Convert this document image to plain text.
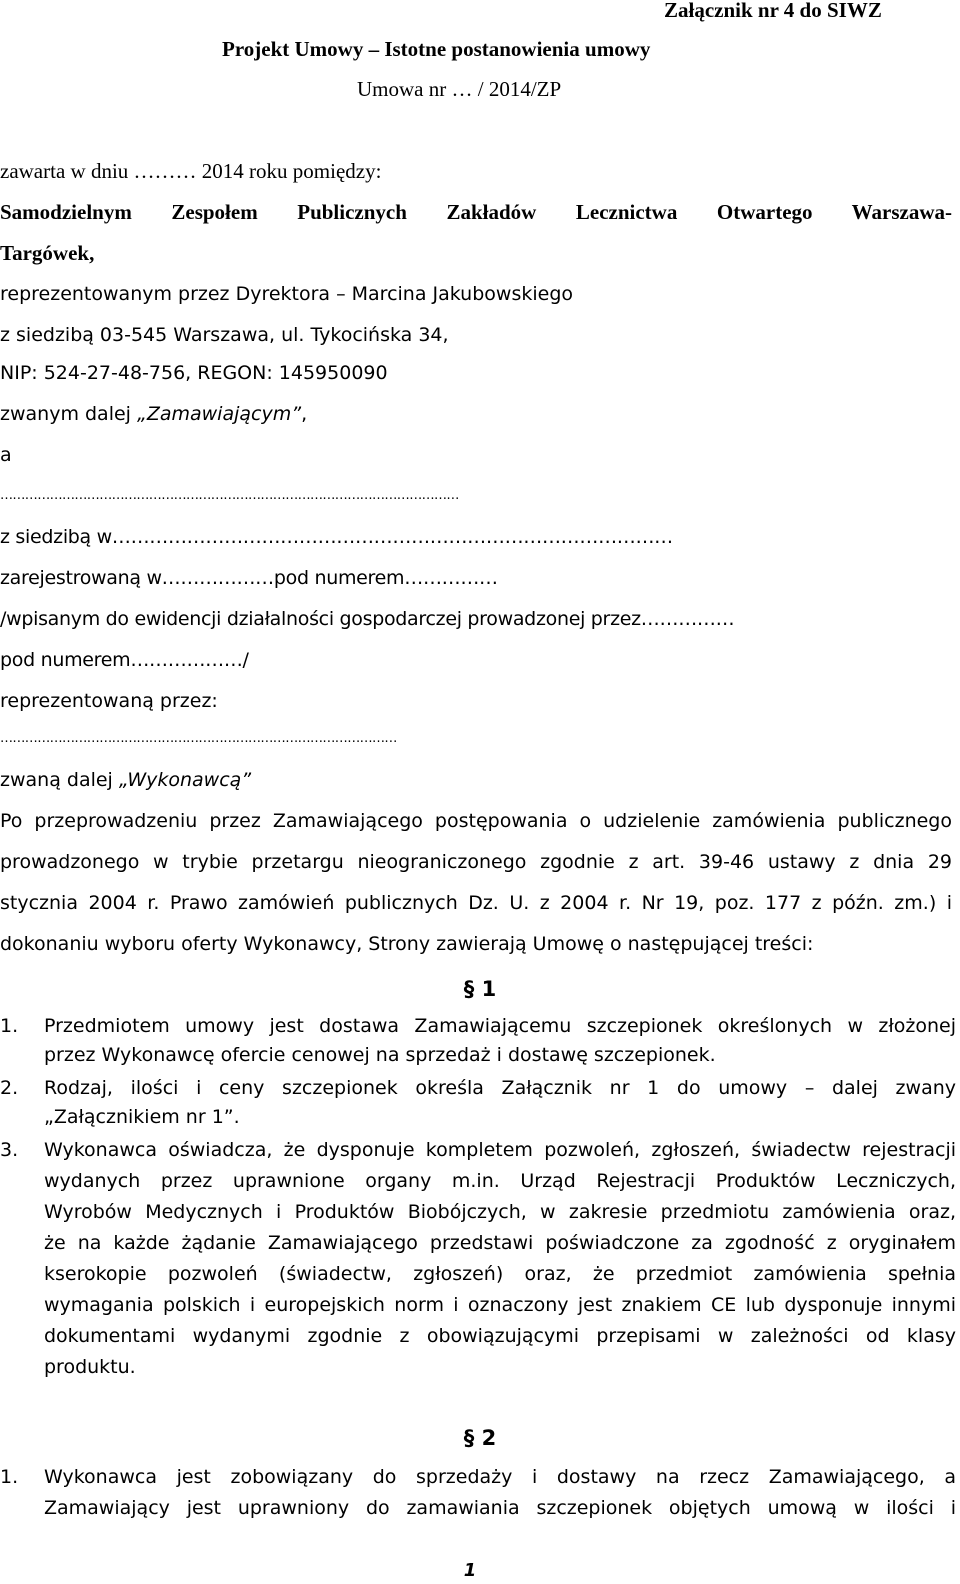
Załącznik nr 4 do SIWZ
Projekt Umowy – Istotne postanowienia umowy
Umowa nr … / 2014/ZP
zawarta w dniu ……… 2014 roku pomiędzy:
Samodzielnym Zespołem Publicznych Zakładów Lecznictwa Otwartego Warszawa-
Targówek,
reprezentowanym przez Dyrektora – Marcina Jakubowskiego
z siedzibą 03-545 Warszawa, ul. Tykocińska 34,
NIP: 524-27-48-756, REGON: 145950090
zwanym dalej „Zamawiającym”,
a
…………………………………………………………………………………………………
z siedzibą w………………………………………………………………………………
zarejestrowaną w………………pod numerem……………
/wpisanym do ewidencji działalności gospodarczej prowadzonej przez……………
pod numerem………………/
reprezentowaną przez:
……………………………………………………………………………………
zwaną dalej „Wykonawcą”
Po przeprowadzeniu przez Zamawiającego postępowania o udzielenie zamówienia publicznego
prowadzonego w trybie przetargu nieograniczonego zgodnie z art. 39-46 ustawy z dnia 29
stycznia 2004 r. Prawo zamówień publicznych Dz. U. z 2004 r. Nr 19, poz. 177 z późn. zm.) i
dokonaniu wyboru oferty Wykonawcy, Strony zawierają Umowę o następującej treści:
§ 1
1. Przedmiotem umowy jest dostawa Zamawiającemu szczepionek określonych w złożonej
przez Wykonawcę ofercie cenowej na sprzedaż i dostawę szczepionek.
2. Rodzaj, ilości i ceny szczepionek określa Załącznik nr 1 do umowy – dalej zwany
„Załącznikiem nr 1”.
3. Wykonawca oświadcza, że dysponuje kompletem pozwoleń, zgłoszeń, świadectw rejestracji
wydanych przez uprawnione organy m.in. Urząd Rejestracji Produktów Leczniczych,
Wyrobów Medycznych i Produktów Biobójczych, w zakresie przedmiotu zamówienia oraz,
że na każde żądanie Zamawiającego przedstawi poświadczone za zgodność z oryginałem
kserokopie pozwoleń (świadectw, zgłoszeń) oraz, że przedmiot zamówienia spełnia
wymagania polskich i europejskich norm i oznaczony jest znakiem CE lub dysponuje innymi
dokumentami wydanymi zgodnie z obowiązującymi przepisami w zależności od klasy
produktu.
§ 2
1. Wykonawca jest zobowiązany do sprzedaży i dostawy na rzecz Zamawiającego, a
Zamawiający jest uprawniony do zamawiania szczepionek objętych umową w ilości i
1
